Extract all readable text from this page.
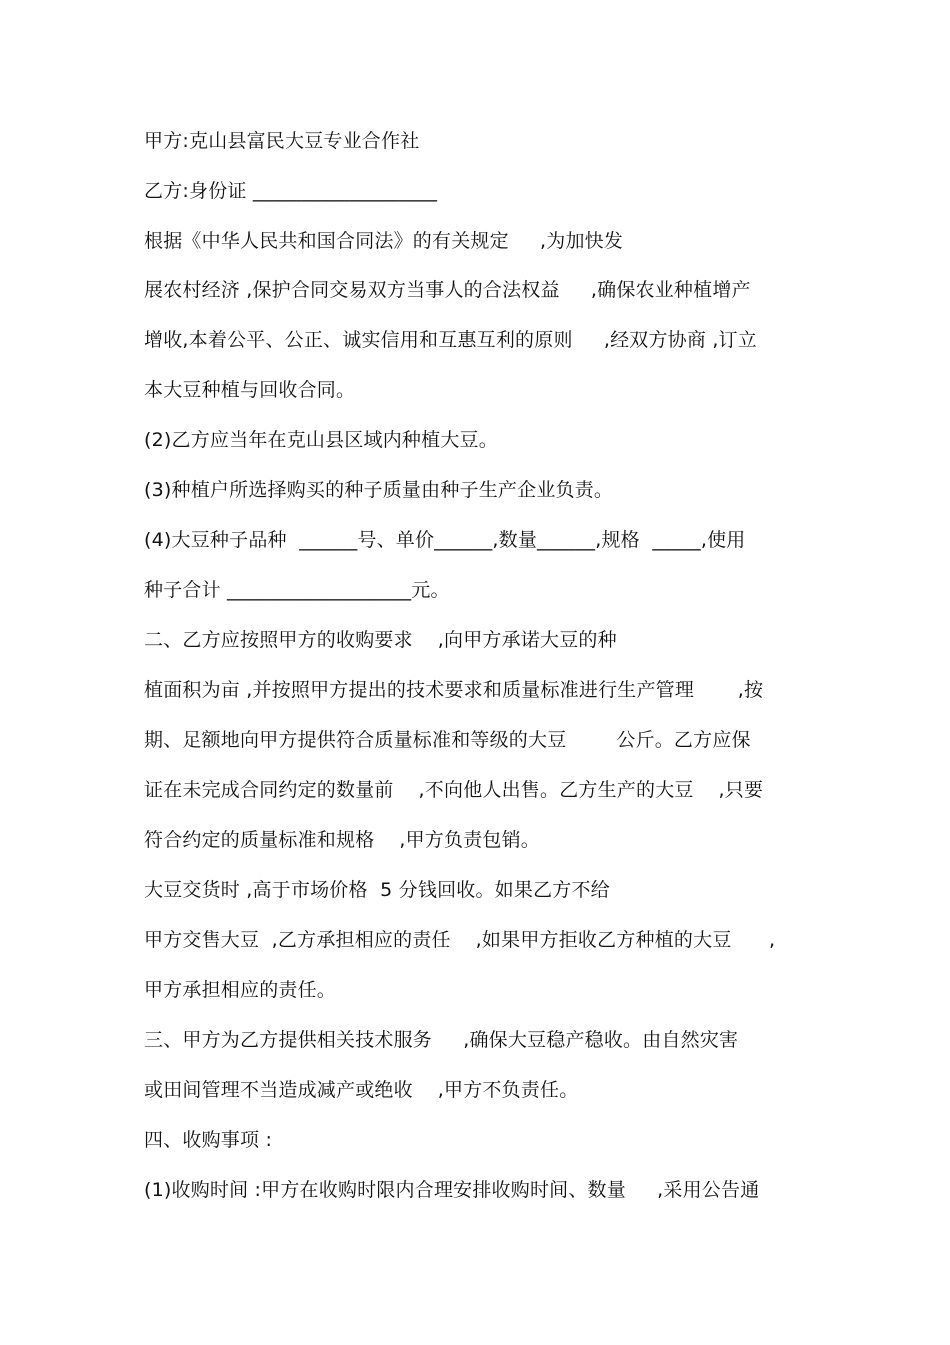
甲方:克山县富民大豆专业合作社
乙方:身份证 ___________________
根据《中华人民共和国合同法》的有关规定     ,为加快发
展农村经济 ,保护合同交易双方当事人的合法权益     ,确保农业种植增产
增收,本着公平、公正、诚实信用和互惠互利的原则     ,经双方协商 ,订立
本大豆种植与回收合同。
(2)乙方应当年在克山县区域内种植大豆。
(3)种植户所选择购买的种子质量由种子生产企业负责。
(4)大豆种子品种  ______号、单价______,数量______,规格  _____,使用
种子合计 ___________________元。
二、乙方应按照甲方的收购要求    ,向甲方承诺大豆的种
植面积为亩 ,并按照甲方提出的技术要求和质量标准进行生产管理       ,按
期、足额地向甲方提供符合质量标准和等级的大豆        公斤。乙方应保
证在未完成合同约定的数量前    ,不向他人出售。乙方生产的大豆    ,只要
符合约定的质量标准和规格    ,甲方负责包销。
大豆交货时 ,高于市场价格  5 分钱回收。如果乙方不给
甲方交售大豆  ,乙方承担相应的责任    ,如果甲方拒收乙方种植的大豆      ,
甲方承担相应的责任。
三、甲方为乙方提供相关技术服务     ,确保大豆稳产稳收。由自然灾害
或田间管理不当造成减产或绝收    ,甲方不负责任。
四、收购事项 :
(1)收购时间 :甲方在收购时限内合理安排收购时间、数量     ,采用公告通
